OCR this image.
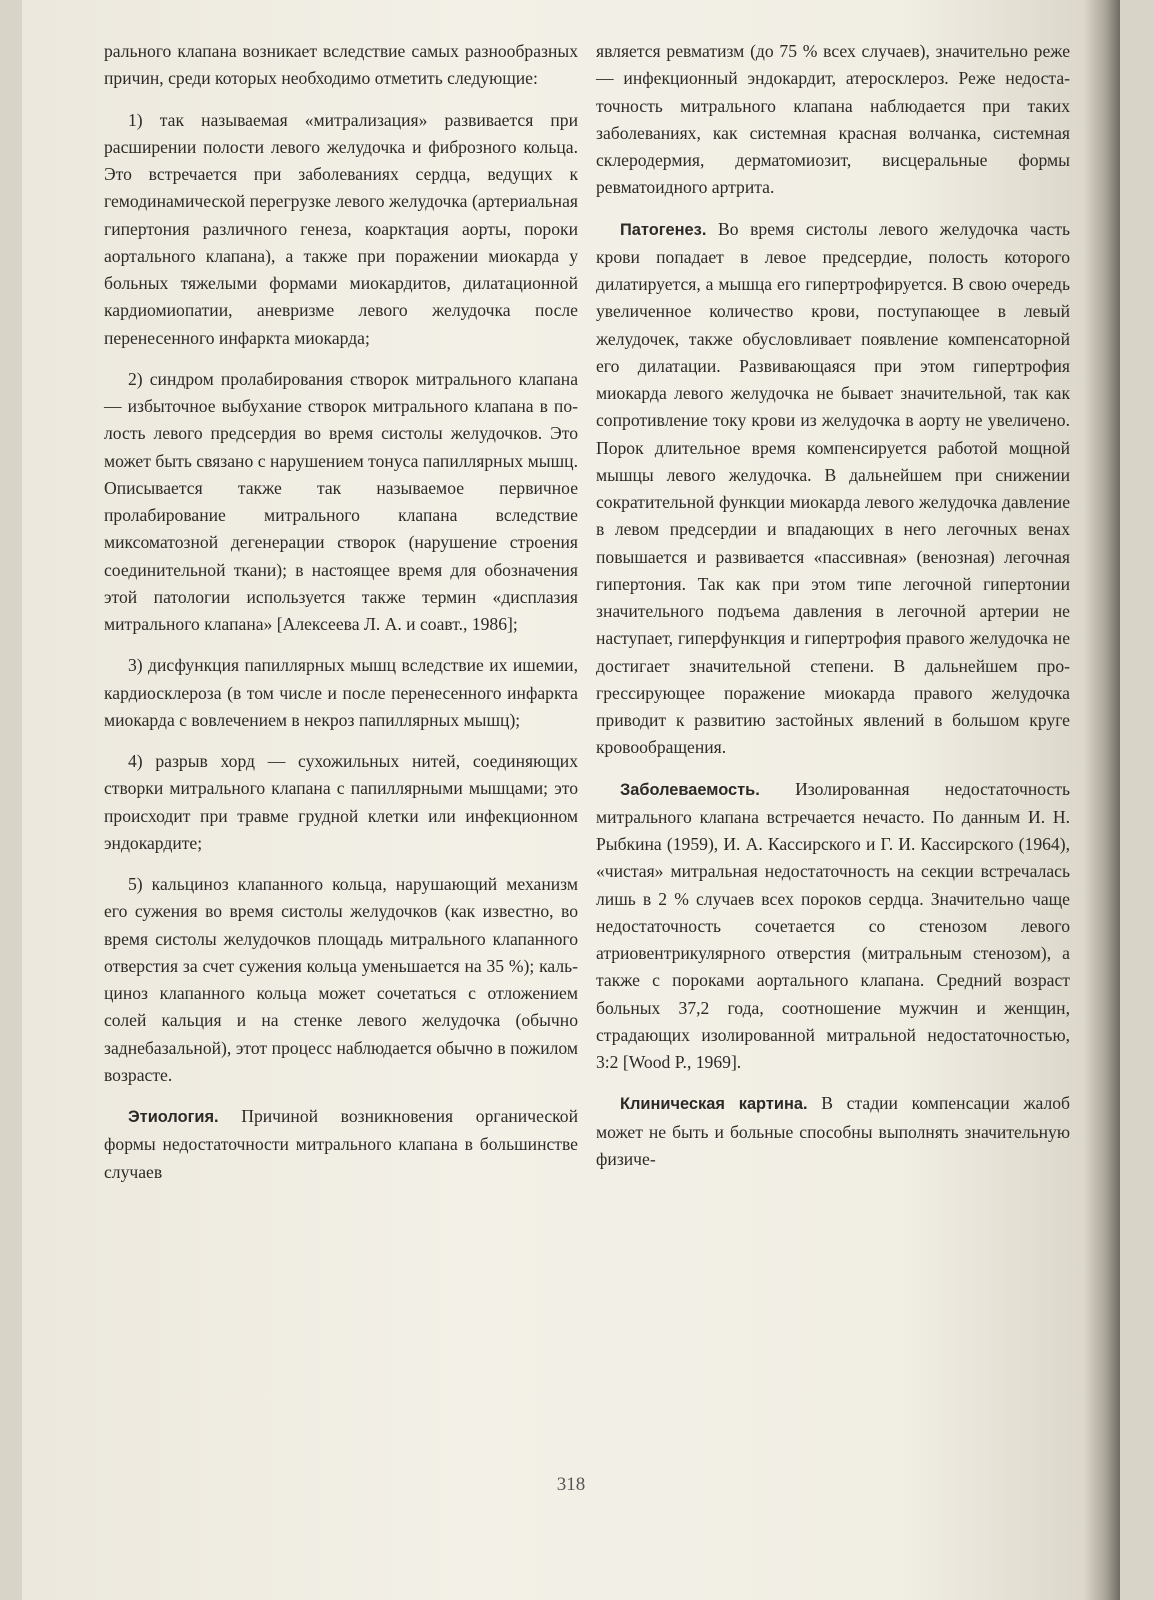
рального клапана возникает вследствие самых разнообразных причин, среди которых необходимо отметить следующие:

1) так называемая «митрализация» развивается при расширении полости левого желудочка и фиброзного кольца. Это встречается при заболеваниях сердца, ведущих к гемодинамической перегрузке левого желудочка (артериальная гипертония различного генеза, коарктация аорты, пороки аортального клапана), а также при поражении миокарда у больных тяжелыми формами миокардитов, дилатационной кардиомиопатии, аневризме левого желудочка после перенесенного инфаркта миокарда;

2) синдром пролабирования створок митрального клапана — избыточное выбухание створок митрального клапана в полость левого предсердия во время систолы желудочков. Это может быть связано с нарушением тонуса папиллярных мышц. Описывается также так называемое первичное пролабирование митрального клапана вследствие миксоматозной дегенерации створок (нарушение строения соединительной ткани); в настоящее время для обозначения этой патологии используется также термин «дисплазия митрального клапана» [Алексеева Л. А. и соавт., 1986];

3) дисфункция папиллярных мышц вследствие их ишемии, кардиосклероза (в том числе и после перенесенного инфаркта миокарда с вовлечением в некроз папиллярных мышц);

4) разрыв хорд — сухожильных нитей, соединяющих створки митрального клапана с папиллярными мышцами; это происходит при травме грудной клетки или инфекционном эндокардите;

5) кальциноз клапанного кольца, нарушающий механизм его сужения во время систолы желудочков (как известно, во время систолы желудочков площадь митрального клапанного отверстия за счет сужения кольца уменьшается на 35 %); кальциноз клапанного кольца может сочетаться с отложением солей кальция и на стенке левого желудочка (обычно заднебазальной), этот процесс наблюдается обычно в пожилом возрасте.

Этиология. Причиной возникновения органической формы недостаточности митрального клапана в большинстве случаев

является ревматизм (до 75 % всех случаев), значительно реже — инфекционный эндокардит, атеросклероз. Реже недостаточность митрального клапана наблюдается при таких заболеваниях, как системная красная волчанка, системная склеродермия, дерматомиозит, висцеральные формы ревматоидного артрита.

Патогенез. Во время систолы левого желудочка часть крови попадает в левое предсердие, полость которого дилатируется, а мышца его гипертрофируется. В свою очередь увеличенное количество крови, поступающее в левый желудочек, также обусловливает появление компенсаторной его дилатации. Развивающаяся при этом гипертрофия миокарда левого желудочка не бывает значительной, так как сопротивление току крови из желудочка в аорту не увеличено. Порок длительное время компенсируется работой мощной мышцы левого желудочка. В дальнейшем при снижении сократительной функции миокарда левого желудочка давление в левом предсердии и впадающих в него легочных венах повышается и развивается «пассивная» (венозная) легочная гипертония. Так как при этом типе легочной гипертонии значительного подъема давления в легочной артерии не наступает, гиперфункция и гипертрофия правого желудочка не достигает значительной степени. В дальнейшем прогрессирующее поражение миокарда правого желудочка приводит к развитию застойных явлений в большом круге кровообращения.

Заболеваемость. Изолированная недостаточность митрального клапана встречается нечасто. По данным И. Н. Рыбкина (1959), И. А. Кассирского и Г. И. Кассирского (1964), «чистая» митральная недостаточность на секции встречалась лишь в 2 % случаев всех пороков сердца. Значительно чаще недостаточность сочетается со стенозом левого атриовентрикулярного отверстия (митральным стенозом), а также с пороками аортального клапана. Средний возраст больных 37,2 года, соотношение мужчин и женщин, страдающих изолированной митральной недостаточностью, 3:2 [Wood P., 1969].

Клиническая картина. В стадии компенсации жалоб может не быть и больные способны выполнять значительную физиче-

318
